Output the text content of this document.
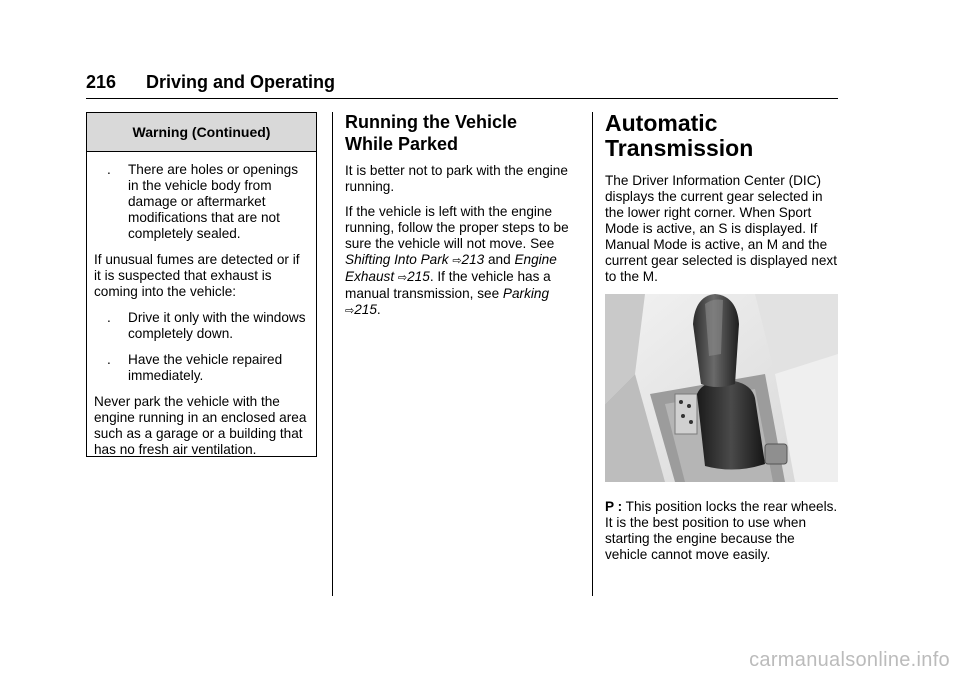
216 Driving and Operating
Warning (Continued)
. There are holes or openings in the vehicle body from damage or aftermarket modifications that are not completely sealed.

If unusual fumes are detected or if it is suspected that exhaust is coming into the vehicle:

. Drive it only with the windows completely down.
. Have the vehicle repaired immediately.

Never park the vehicle with the engine running in an enclosed area such as a garage or a building that has no fresh air ventilation.

Running the Vehicle
While Parked

It is better not to park with the engine running.

If the vehicle is left with the engine running, follow the proper steps to be sure the vehicle will not move. See Shifting Into Park ⇨213 and Engine Exhaust ⇨215. If the vehicle has a manual transmission, see Parking ⇨215.

Automatic
Transmission

The Driver Information Center (DIC) displays the current gear selected in the lower right corner. When Sport Mode is active, an S is displayed. If Manual Mode is active, an M and the current gear selected is displayed next to the M.

P : This position locks the rear wheels. It is the best position to use when starting the engine because the vehicle cannot move easily.
carmanualsonline.info
